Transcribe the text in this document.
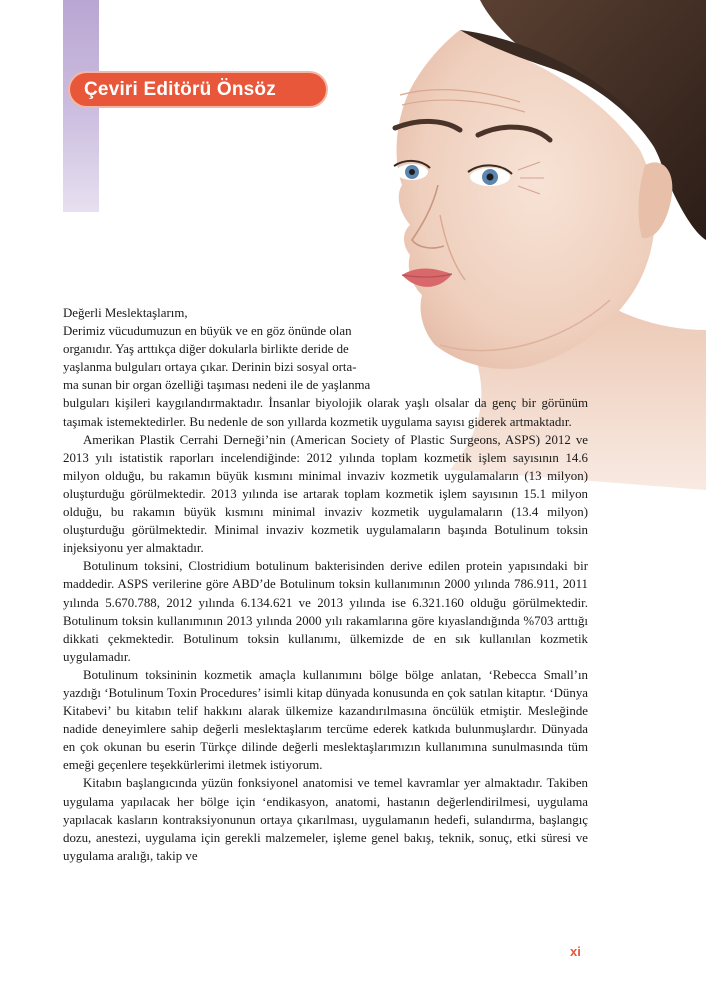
Çeviri Editörü Önsöz

Değerli Meslektaşlarım,

Derimiz vücudumuzun en büyük ve en göz önünde olan
organıdır. Yaş arttıkça diğer dokularla birlikte deride de
yaşlanma bulguları ortaya çıkar. Derinin bizi sosyal orta-
ma sunan bir organ özelliği taşıması nedeni ile de yaşlanma

bulguları kişileri kaygılandırmaktadır. İnsanlar biyolojik olarak yaşlı olsalar da genç bir görünüm taşımak istemektedirler. Bu nedenle de son yıllarda kozmetik uygulama sayısı giderek artmaktadır.

Amerikan Plastik Cerrahi Derneği’nin (American Society of Plastic Surgeons, ASPS) 2012 ve 2013 yılı istatistik raporları incelendiğinde: 2012 yılında toplam kozmetik işlem sayısının 14.6 milyon olduğu, bu rakamın büyük kısmını minimal invaziv kozmetik uygulamaların (13 milyon) oluşturduğu görülmektedir. 2013 yılında ise artarak toplam kozmetik işlem sayısının 15.1 milyon olduğu, bu rakamın büyük kısmını minimal invaziv kozmetik uygulamaların (13.4 milyon) oluşturduğu görülmektedir. Minimal invaziv kozmetik uygulamaların başında Botulinum toksin injeksiyonu yer almaktadır.

Botulinum toksini, Clostridium botulinum bakterisinden derive edilen protein yapısındaki bir maddedir. ASPS verilerine göre ABD’de Botulinum toksin kullanımının 2000 yılında 786.911, 2011 yılında 5.670.788, 2012 yılında 6.134.621 ve 2013 yılında ise 6.321.160 olduğu görülmektedir. Botulinum toksin kullanımının 2013 yılında 2000 yılı rakamlarına göre kıyaslandığında %703 arttığı dikkati çekmektedir. Botulinum toksin kullanımı, ülkemizde de en sık kullanılan kozmetik uygulamadır.

Botulinum toksininin kozmetik amaçla kullanımını bölge bölge anlatan, ‘Rebecca Small’ın yazdığı ‘Botulinum Toxin Procedures’ isimli kitap dünyada konusunda en çok satılan kitaptır. ‘Dünya Kitabevi’ bu kitabın telif hakkını alarak ülkemize kazandırılmasına öncülük etmiştir. Mesleğinde nadide deneyimlere sahip değerli meslektaşlarım tercüme ederek katkıda bulunmuşlardır. Dünyada en çok okunan bu eserin Türkçe dilinde değerli meslektaşlarımızın kullanımına sunulmasında tüm emeği geçenlere teşekkürlerimi iletmek istiyorum.

Kitabın başlangıcında yüzün fonksiyonel anatomisi ve temel kavramlar yer almaktadır. Takiben uygulama yapılacak her bölge için ‘endikasyon, anatomi, hastanın değerlendirilmesi, uygulama yapılacak kasların kontraksiyonunun ortaya çıkarılması, uygulamanın hedefi, sulandırma, başlangıç dozu, anestezi, uygulama için gerekli malzemeler, işleme genel bakış, teknik, sonuç, etki süresi ve uygulama aralığı, takip ve

xi
